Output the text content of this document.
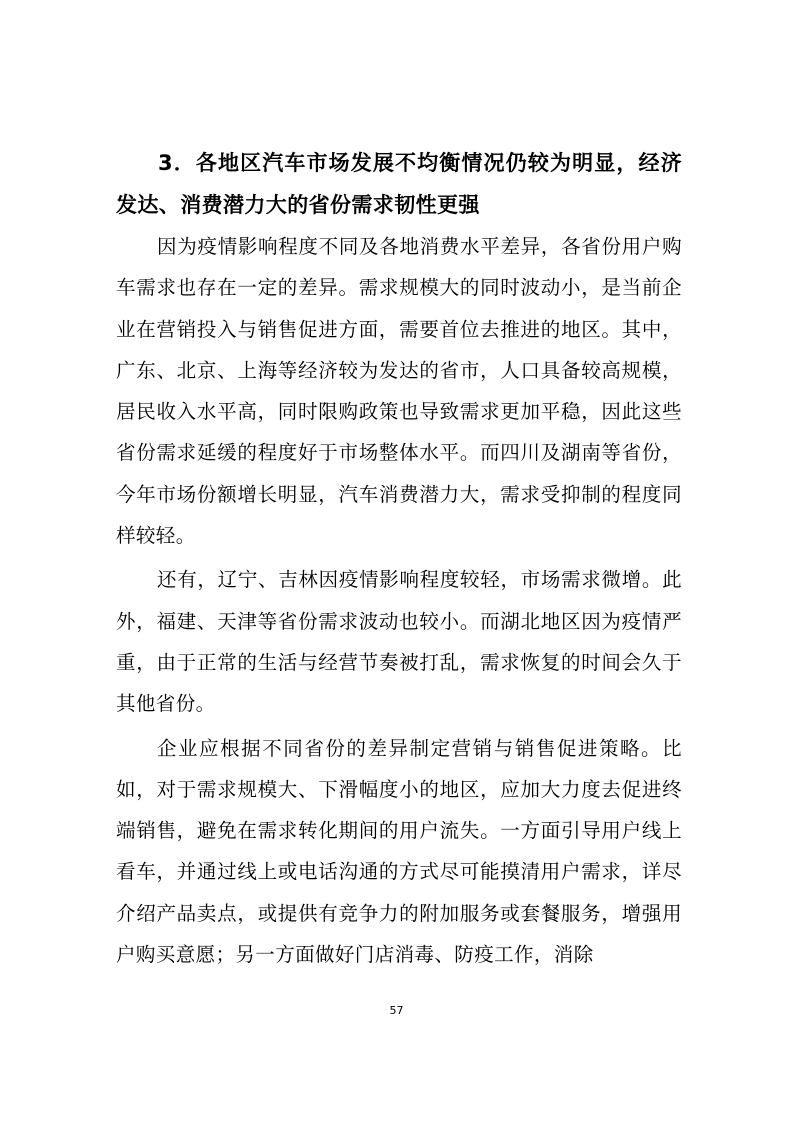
3．各地区汽车市场发展不均衡情况仍较为明显，经济发达、消费潜力大的省份需求韧性更强

因为疫情影响程度不同及各地消费水平差异，各省份用户购车需求也存在一定的差异。需求规模大的同时波动小，是当前企业在营销投入与销售促进方面，需要首位去推进的地区。其中，广东、北京、上海等经济较为发达的省市，人口具备较高规模，居民收入水平高，同时限购政策也导致需求更加平稳，因此这些省份需求延缓的程度好于市场整体水平。而四川及湖南等省份，今年市场份额增长明显，汽车消费潜力大，需求受抑制的程度同样较轻。

还有，辽宁、吉林因疫情影响程度较轻，市场需求微增。此外，福建、天津等省份需求波动也较小。而湖北地区因为疫情严重，由于正常的生活与经营节奏被打乱，需求恢复的时间会久于其他省份。

企业应根据不同省份的差异制定营销与销售促进策略。比如，对于需求规模大、下滑幅度小的地区，应加大力度去促进终端销售，避免在需求转化期间的用户流失。一方面引导用户线上看车，并通过线上或电话沟通的方式尽可能摸清用户需求，详尽介绍产品卖点，或提供有竞争力的附加服务或套餐服务，增强用户购买意愿；另一方面做好门店消毒、防疫工作，消除

57
